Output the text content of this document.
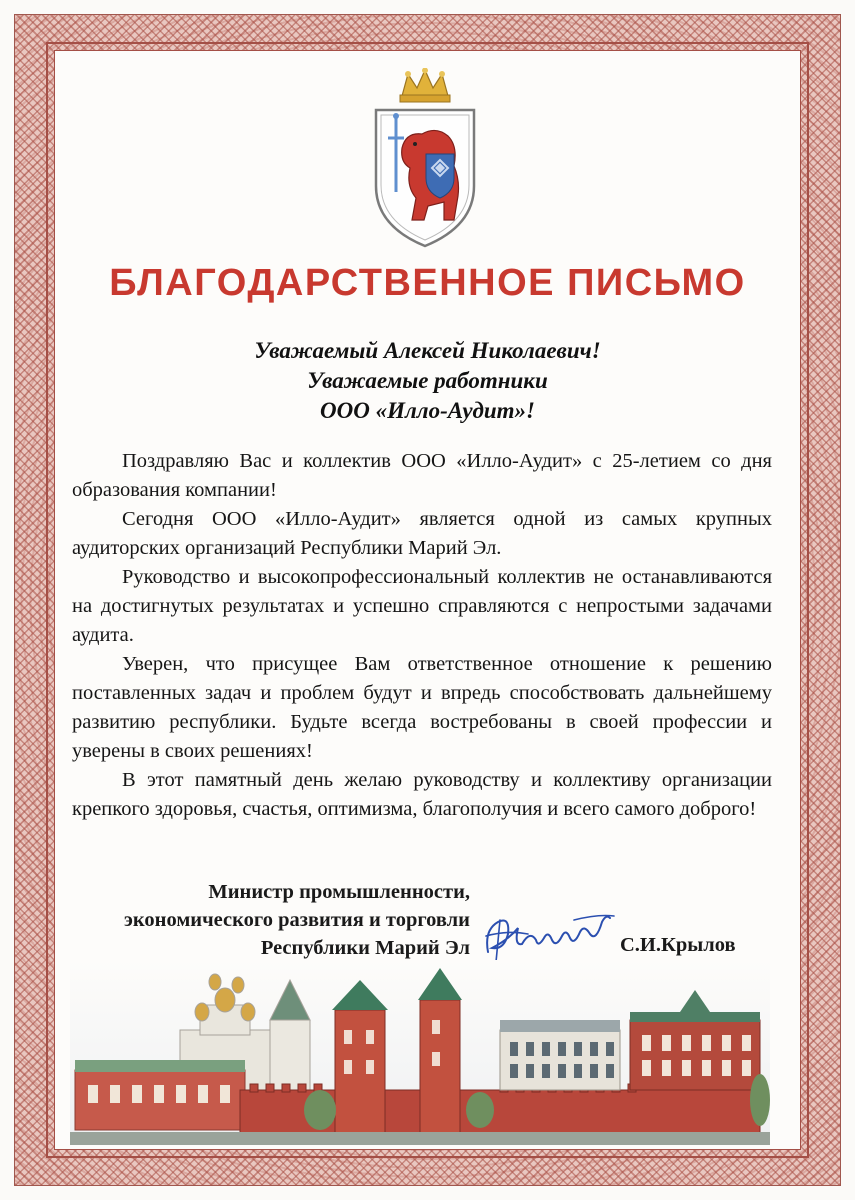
БЛАГОДАРСТВЕННОЕ ПИСЬМО
Уважаемый Алексей Николаевич!
Уважаемые работники
ООО «Илло-Аудит»!

Поздравляю Вас и коллектив ООО «Илло-Аудит» с 25-летием со дня образования компании!

Сегодня ООО «Илло-Аудит» является одной из самых крупных аудиторских организаций Республики Марий Эл.

Руководство и высокопрофессиональный коллектив не останавливаются на достигнутых результатах и успешно справляются с непростыми задачами аудита.

Уверен, что присущее Вам ответственное отношение к решению поставленных задач и проблем будут и впредь способствовать дальнейшему развитию республики. Будьте всегда востребованы в своей профессии и уверены в своих решениях!

В этот памятный день желаю руководству и коллективу организации крепкого здоровья, счастья, оптимизма, благополучия и всего самого доброго!

Министр промышленности,
экономического развития и торговли
Республики Марий Эл	С.И.Крылов
